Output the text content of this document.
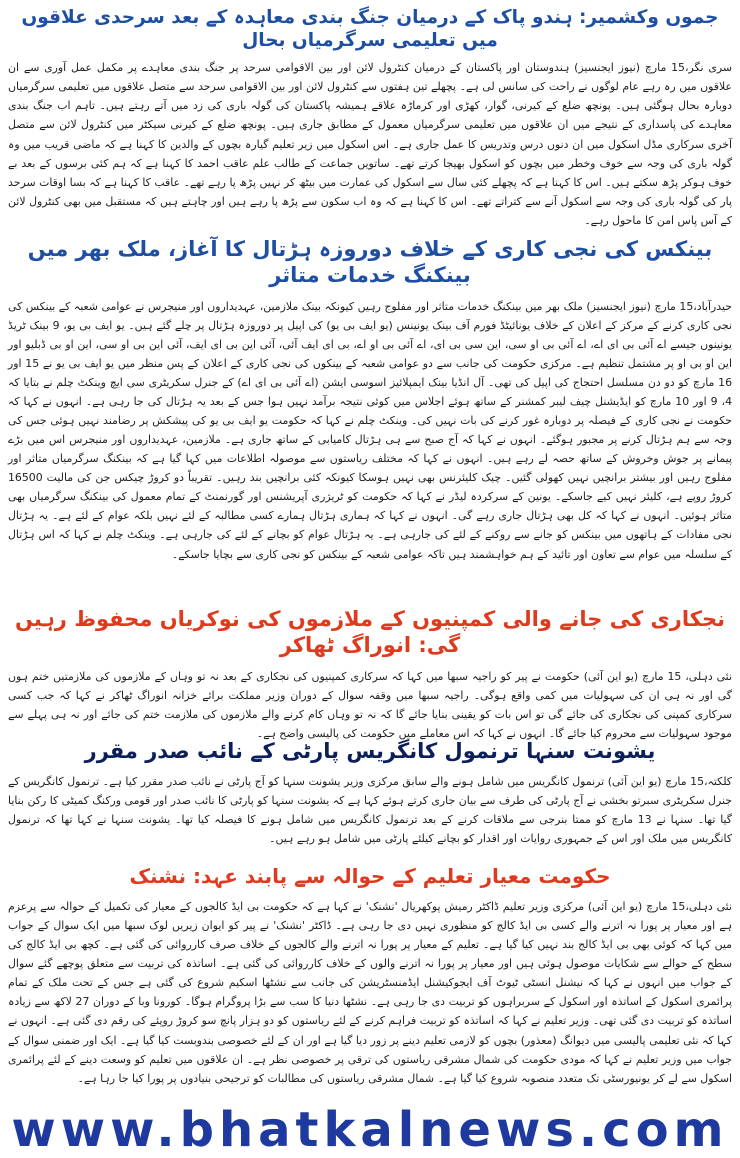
جموں وکشمیر: ہندو پاک کے درمیان جنگ بندی معاہدہ کے بعد سرحدی علاقوں میں تعلیمی سرگرمیاں بحال

سری نگر،15 مارچ (نیوز ایجنسیز) ہندوستان اور پاکستان کے درمیان کنٹرول لائن اور بین الاقوامی سرحد پر جنگ بندی معاہدے پر مکمل عمل آوری سے ان علاقوں میں رہ رہے عام لوگوں نے راحت کی سانس لی ہے۔ پچھلے تین ہفتوں سے کنٹرول لائن اور بین الاقوامی سرحد سے متصل علاقوں میں تعلیمی سرگرمیاں دوبارہ بحال ہوگئی ہیں۔ پونچھ ضلع کے کیرنی، گوار، کھڑی اور کرماڑہ علاقے ہمیشہ پاکستان کی گولہ باری کی زد میں آتے رہتے ہیں۔ تاہم اب جنگ بندی معاہدے کی پاسداری کے نتیجے میں ان علاقوں میں تعلیمی سرگرمیاں معمول کے مطابق جاری ہیں۔ پونچھ ضلع کے کیرنی سیکٹر میں کنٹرول لائن سے متصل آخری سرکاری مڈل اسکول میں ان دنوں درس وتدریس کا عمل جاری ہے۔ اس اسکول میں زیر تعلیم گیارہ بچوں کے والدین کا کہنا ہے کہ ماضی قریب میں وہ گولہ باری کی وجہ سے خوف وخطر میں بچوں کو اسکول بھیجا کرتے تھے۔ ساتویں جماعت کے طالب علم عاقب احمد کا کہنا ہے کہ ہم کئی برسوں کے بعد بے خوف ہوکر پڑھ سکتے ہیں۔ اس کا کہنا ہے کہ پچھلے کئی سال سے اسکول کی عمارت میں بیٹھ کر نہیں پڑھ پا رہے تھے۔ عاقب کا کہنا ہے کہ بسا اوقات سرحد پار کی گولہ باری کی وجہ سے اسکول آنے سے کتراتے تھے۔ اس کا کہنا ہے کہ وہ اب سکون سے پڑھ پا رہے ہیں اور چاہتے ہیں کہ مستقبل میں بھی کنٹرول لائن کے آس پاس امن کا ماحول رہے۔

بینکس کی نجی کاری کے خلاف دوروزہ ہڑتال کا آغاز، ملک بھر میں بینکنگ خدمات متاثر

حیدرآباد،15 مارچ (نیوز ایجنسیز) ملک بھر میں بینکنگ خدمات متاثر اور مفلوج رہیں کیونکہ بینک ملازمین، عہدیداروں اور منیجرس نے عوامی شعبہ کے بینکس کی نجی کاری کرنے کے مرکز کے اعلان کے خلاف یونائیٹڈ فورم آف بینک یونینس (یو ایف بی یو) کی اپیل پر دوروزہ ہڑتال پر چلے گئے ہیں۔ یو ایف بی یو، 9 بینک ٹریڈ یونینوں جیسے اے آئی بی ای اے، اے آئی بی او سی، این سی بی ای، اے آئی بی او اے، بی ای ایف آئی، آئی این بی ای ایف، آئی این بی او سی، این او بی ڈبلیو اور این او بی او پر مشتمل تنظیم ہے۔ مرکزی حکومت کی جانب سے دو عوامی شعبہ کے بینکوں کی نجی کاری کے اعلان کے پس منظر میں یو ایف بی یو نے 15 اور 16 مارچ کو دو دن مسلسل احتجاج کی اپیل کی تھی۔ آل انڈیا بینک ایمپلائیز اسوسی ایشن (اے آئی بی ای اے) کے جنرل سکریٹری سی ایچ وینکٹ چلم نے بتایا کہ 4، 9 اور 10 مارچ کو ایڈیشنل چیف لیبر کمشنر کے ساتھ ہوئے اجلاس میں کوئی نتیجہ برآمد نہیں ہوا جس کے بعد یہ ہڑتال کی جا رہی ہے۔ انہوں نے کہا کہ حکومت نے نجی کاری کے فیصلہ پر دوبارہ غور کرنے کی بات نہیں کی۔ وینکٹ چلم نے کہا کہ حکومت یو ایف بی یو کی پیشکش پر رضامند نہیں ہوئی جس کی وجہ سے ہم ہڑتال کرنے پر مجبور ہوگئے۔ انہوں نے کہا کہ آج صبح سے ہی ہڑتال کامیابی کے ساتھ جاری ہے۔ ملازمین، عہدیداروں اور منیجرس اس میں بڑے پیمانے پر جوش وخروش کے ساتھ حصہ لے رہے ہیں۔ انہوں نے کہا کہ مختلف ریاستوں سے موصولہ اطلاعات میں کہا گیا ہے کہ بینکنگ سرگرمیاں متاثر اور مفلوج رہیں اور بیشتر برانچیں نہیں کھولی گئیں۔ چیک کلیئرنس بھی نہیں ہوسکا کیونکہ کئی برانچیں بند رہیں۔ تقریباً دو کروڑ چیکس جن کی مالیت 16500 کروڑ روپے ہے، کلیئر نہیں کیے جاسکے۔ یونین کے سرکردہ لیڈر نے کہا کہ حکومت کو ٹریژری آپریشنس اور گورنمنٹ کے تمام معمول کی بینکنگ سرگرمیاں بھی متاثر ہوئیں۔ انہوں نے کہا کہ کل بھی ہڑتال جاری رہے گی۔ انہوں نے کہا کہ ہماری ہڑتال ہمارے کسی مطالبہ کے لئے نہیں بلکہ عوام کے لئے ہے۔ یہ ہڑتال نجی مفادات کے ہاتھوں میں بینکس کو جانے سے روکنے کے لئے کی جارہی ہے۔ یہ ہڑتال عوام کو بچانے کے لئے کی جارہی ہے۔ وینکٹ چلم نے کہا کہ اس ہڑتال کے سلسلہ میں عوام سے تعاون اور تائید کے ہم خواہشمند ہیں تاکہ عوامی شعبہ کے بینکس کو نجی کاری سے بچایا جاسکے۔

نجکاری کی جانے والی کمپنیوں کے ملازموں کی نوکریاں محفوظ رہیں گی: انوراگ ٹھاکر

نئی دہلی، 15 مارچ (یو این آئی) حکومت نے پیر کو راجیہ سبھا میں کہا کہ سرکاری کمپنیوں کی نجکاری کے بعد نہ تو وہاں کے ملازموں کی ملازمتیں ختم ہوں گی اور نہ ہی ان کی سہولیات میں کمی واقع ہوگی۔ راجیہ سبھا میں وقفہ سوال کے دوران وزیر مملکت برائے خزانہ انوراگ ٹھاکر نے کہا کہ جب کسی سرکاری کمپنی کی نجکاری کی جائے گی تو اس بات کو یقینی بنایا جائے گا کہ نہ تو وہاں کام کرنے والے ملازموں کی ملازمت ختم کی جائے اور نہ ہی پہلے سے موجود سہولیات سے محروم کیا جائے گا۔ انہوں نے کہا کہ اس معاملے میں حکومت کی پالیسی واضح ہے۔

یشونت سنہا ترنمول کانگریس پارٹی کے نائب صدر مقرر

کلکتہ،15 مارچ (یو این آئی) ترنمول کانگریس میں شامل ہونے والے سابق مرکزی وزیر یشونت سنہا کو آج پارٹی نے نائب صدر مقرر کیا ہے۔ ترنمول کانگریس کے جنرل سکریٹری سبرتو بخشی نے آج پارٹی کی طرف سے بیان جاری کرتے ہوئے کہا ہے کہ یشونت سنہا کو پارٹی کا نائب صدر اور قومی ورکنگ کمیٹی کا رکن بنایا گیا تھا۔ سنہا نے 13 مارچ کو ممتا بنرجی سے ملاقات کرنے کے بعد ترنمول کانگریس میں شامل ہونے کا فیصلہ کیا تھا۔ یشونت سنہا نے کہا تھا کہ ترنمول کانگریس میں ملک اور اس کے جمہوری روایات اور اقدار کو بچانے کیلئے پارٹی میں شامل ہو رہے ہیں۔

حکومت معیار تعلیم کے حوالہ سے پابند عہد: نشنک

نئی دہلی،15 مارچ (یو این آئی) مرکزی وزیر تعلیم ڈاکٹر رمیش پوکھریال 'نشنک' نے کہا ہے کہ حکومت بی ایڈ کالجوں کے معیار کی تکمیل کے حوالہ سے پرعزم ہے اور معیار پر پورا نہ اترنے والے کسی بی ایڈ کالج کو منظوری نہیں دی جا رہی ہے۔ ڈاکٹر 'نشنک' نے پیر کو ایوان زیریں لوک سبھا میں ایک سوال کے جواب میں کہا کہ کوئی بھی بی ایڈ کالج بند نہیں کیا گیا ہے۔ تعلیم کے معیار پر پورا نہ اترنے والے کالجوں کے خلاف صرف کارروائی کی گئی ہے۔ کچھ بی ایڈ کالج کی سطح کے حوالے سے شکایات موصول ہوئی ہیں اور معیار پر پورا نہ اترنے والوں کے خلاف کارروائی کی گئی ہے۔ اساتذہ کی تربیت سے متعلق پوچھے گئے سوال کے جواب میں انہوں نے کہا کہ نیشنل انسٹی ٹیوٹ آف ایجوکیشنل ایڈمنسٹریشن کی جانب سے نشٹھا اسکیم شروع کی گئی ہے جس کے تحت ملک کے تمام پرائمری اسکول کے اساتذہ اور اسکول کے سربراہوں کو تربیت دی جا رہی ہے۔ نشٹھا دنیا کا سب سے بڑا پروگرام ہوگا۔ کورونا وبا کے دوران 27 لاکھ سے زیادہ اساتذہ کو تربیت دی گئی تھی۔ وزیر تعلیم نے کہا کہ اساتذہ کو تربیت فراہم کرنے کے لئے ریاستوں کو دو ہزار پانچ سو کروڑ روپئے کی رقم دی گئی ہے۔ انہوں نے کہا کہ نئی تعلیمی پالیسی میں دیوانگ (معذور) بچوں کو لازمی تعلیم دینے پر زور دیا گیا ہے اور ان کے لئے خصوصی بندوبست کیا گیا ہے۔ ایک اور ضمنی سوال کے جواب میں وزیر تعلیم نے کہا کہ مودی حکومت کی شمال مشرقی ریاستوں کی ترقی پر خصوصی نظر ہے۔ ان علاقوں میں تعلیم کو وسعت دینے کے لئے پرائمری اسکول سے لے کر یونیورسٹی تک متعدد منصوبہ شروع کیا گیا ہے۔ شمال مشرقی ریاستوں کی مطالبات کو ترجیحی بنیادوں پر پورا کیا جا رہا ہے۔

www.bhatkalnews.com
